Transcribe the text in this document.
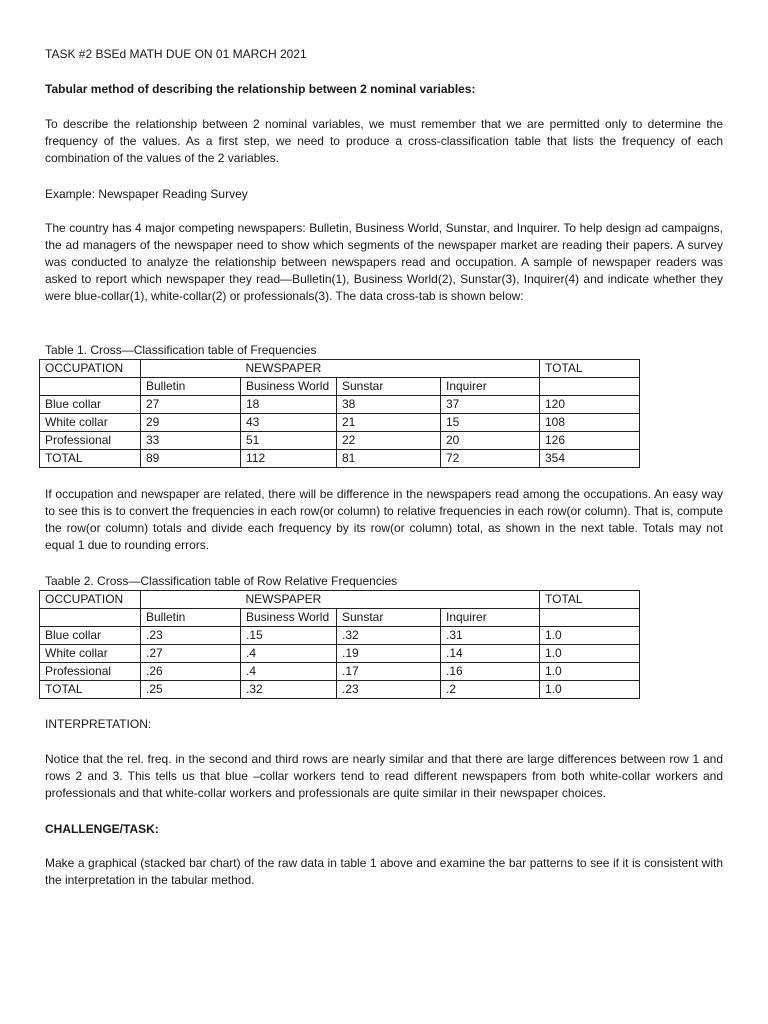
TASK #2 BSEd MATH DUE ON 01 MARCH 2021

Tabular method of describing the relationship between 2 nominal variables:

To describe the relationship between 2 nominal variables, we must remember that we are permitted only to determine the frequency of the values. As a first step, we need to produce a cross-classification table that lists the frequency of each combination of the values of the 2 variables.

Example: Newspaper Reading Survey

The country has 4 major competing newspapers: Bulletin, Business World, Sunstar, and Inquirer. To help design ad campaigns, the ad managers of the newspaper need to show which segments of the newspaper market are reading their papers. A survey was conducted to analyze the relationship between newspapers read and occupation. A sample of newspaper readers was asked to report which newspaper they read—Bulletin(1), Business World(2), Sunstar(3), Inquirer(4) and indicate whether they were blue-collar(1), white-collar(2) or professionals(3). The data cross-tab is shown below:

Table 1. Cross—Classification table of Frequencies

OCCUPATION		NEWSPAPER			TOTAL
	Bulletin	Business World	Sunstar	Inquirer	
Blue collar	27	18	38	37	120
White collar	29	43	21	15	108
Professional	33	51	22	20	126
TOTAL	89	112	81	72	354

If occupation and newspaper are related, there will be difference in the newspapers read among the occupations. An easy way to see this is to convert the frequencies in each row(or column) to relative frequencies in each row(or column). That is, compute the row(or column) totals and divide each frequency by its row(or column) total, as shown in the next table. Totals may not equal 1 due to rounding errors.

Taable 2. Cross—Classification table of Row Relative Frequencies

OCCUPATION		NEWSPAPER			TOTAL
	Bulletin	Business World	Sunstar	Inquirer	
Blue collar	.23	.15	.32	.31	1.0
White collar	.27	.4	.19	.14	1.0
Professional	.26	.4	.17	.16	1.0
TOTAL	.25	.32	.23	.2	1.0

INTERPRETATION:

Notice that the rel. freq. in the second and third rows are nearly similar and that there are large differences between row 1 and rows 2 and 3. This tells us that blue –collar workers tend to read different newspapers from both white-collar workers and professionals and that white-collar workers and professionals are quite similar in their newspaper choices.

CHALLENGE/TASK:

Make a graphical (stacked bar chart) of the raw data in table 1 above and examine the bar patterns to see if it is consistent with the interpretation in the tabular method.
